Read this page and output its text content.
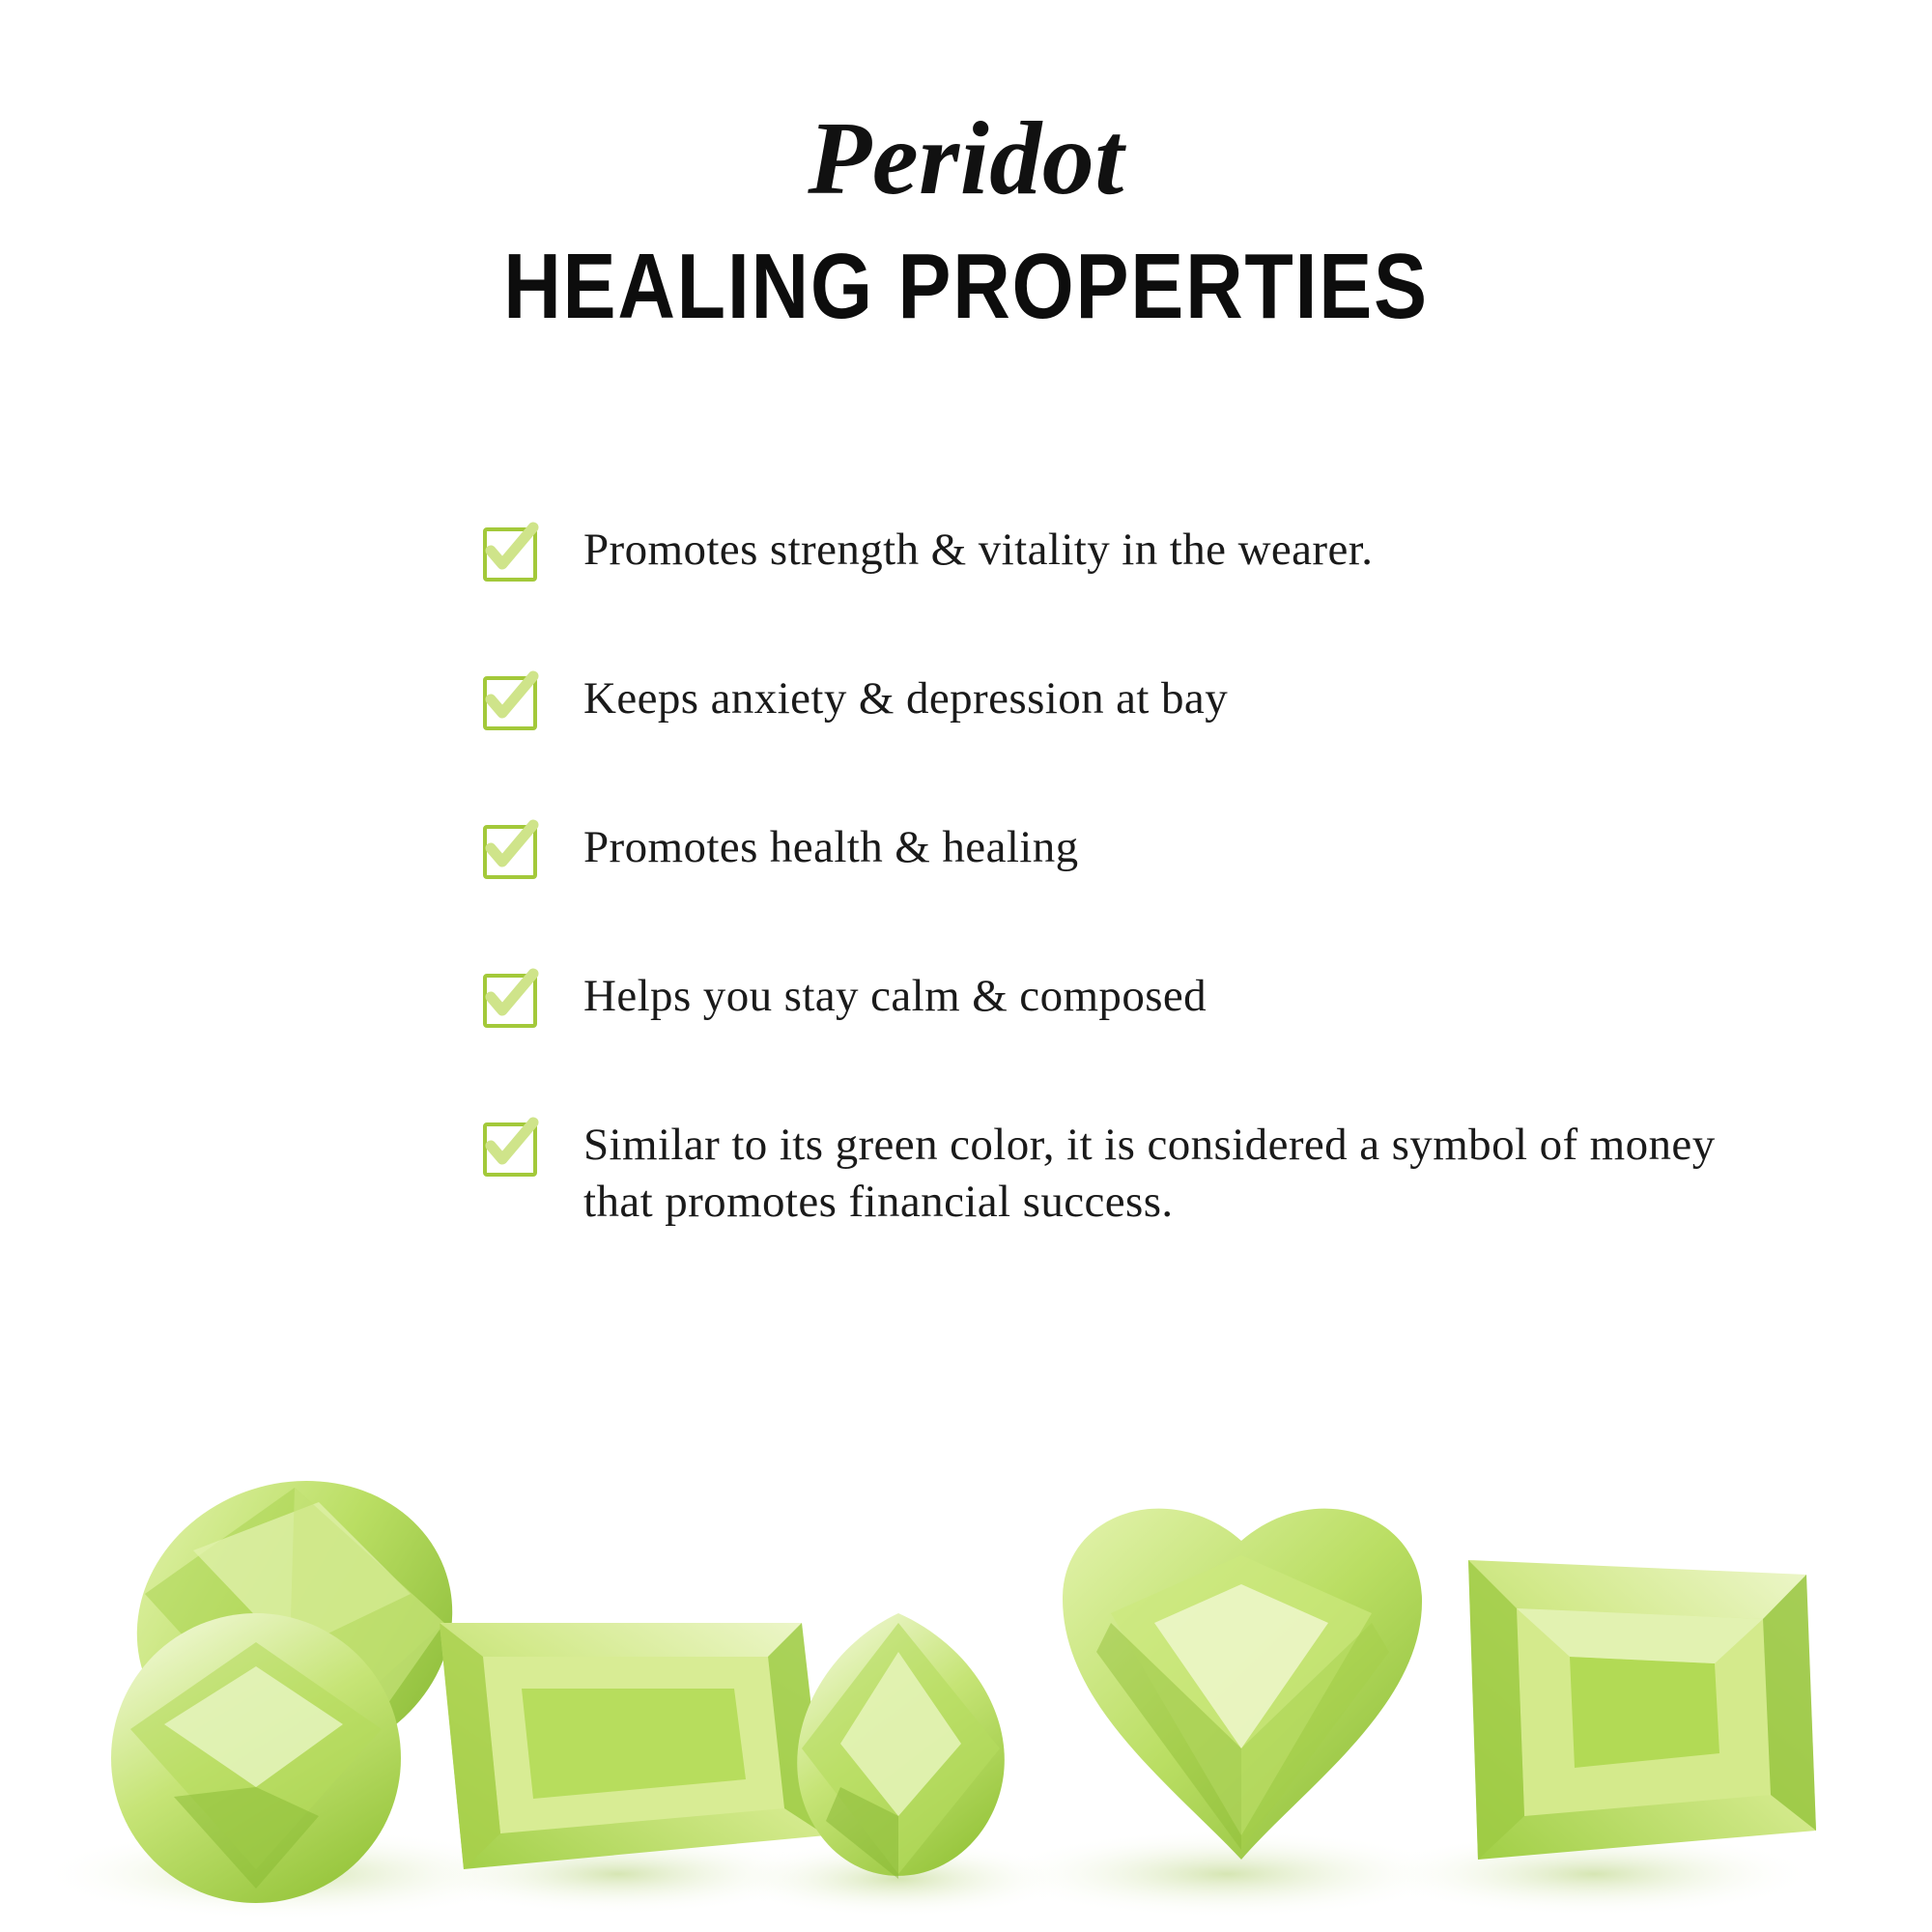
Peridot
HEALING PROPERTIES
Promotes strength & vitality in the wearer.
Keeps anxiety & depression at bay
Promotes health & healing
Helps you stay calm & composed
Similar to its green color, it is considered a symbol of money that promotes financial success.
